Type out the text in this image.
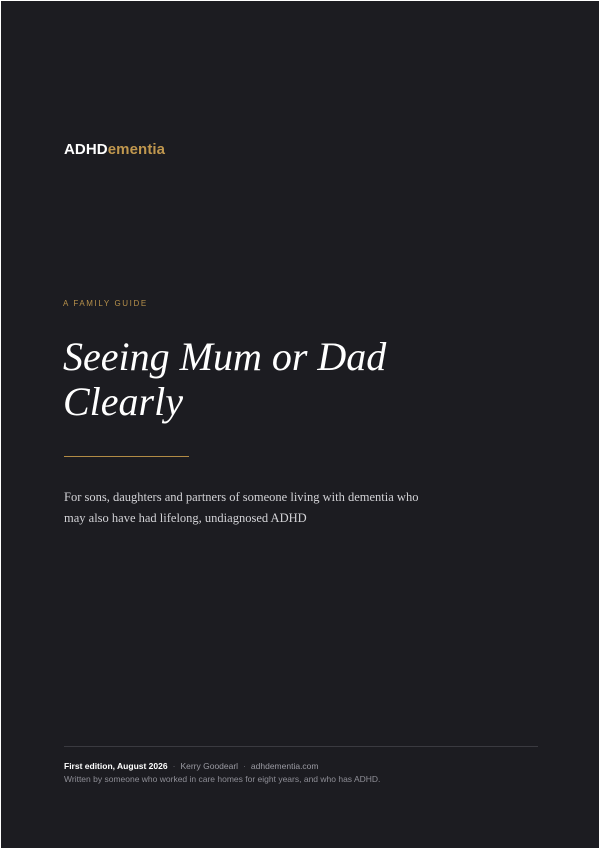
ADHDementia
A FAMILY GUIDE
Seeing Mum or Dad
Clearly

For sons, daughters and partners of someone living with dementia who
may also have had lifelong, undiagnosed ADHD

First edition, August 2026 · Kerry Goodearl · adhdementia.com
Written by someone who worked in care homes for eight years, and who has ADHD.
